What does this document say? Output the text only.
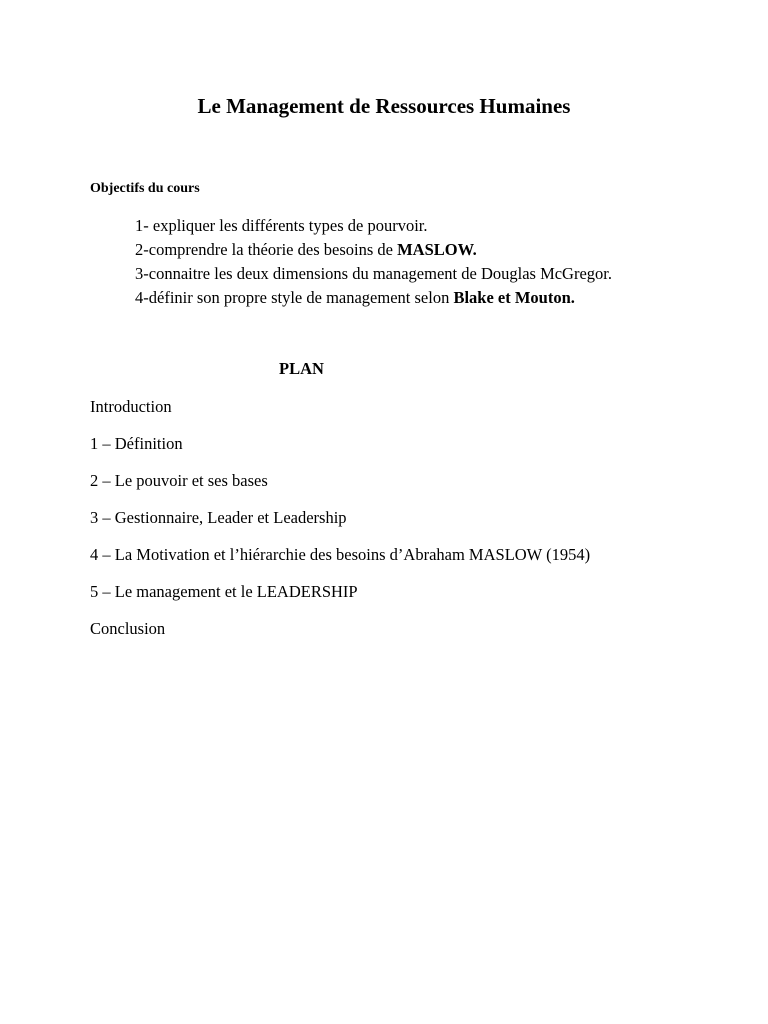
Le Management de Ressources Humaines
Objectifs du cours
1- expliquer les différents types de pourvoir.
2-comprendre la théorie des besoins de MASLOW.
3-connaitre les deux dimensions du management de Douglas McGregor.
4-définir son propre style de management selon Blake et Mouton.
PLAN
Introduction
1 – Définition
2 – Le pouvoir et ses bases
3 – Gestionnaire, Leader et Leadership
4 – La Motivation et l’hiérarchie des besoins d’Abraham MASLOW (1954)
5 – Le management et le LEADERSHIP
Conclusion
